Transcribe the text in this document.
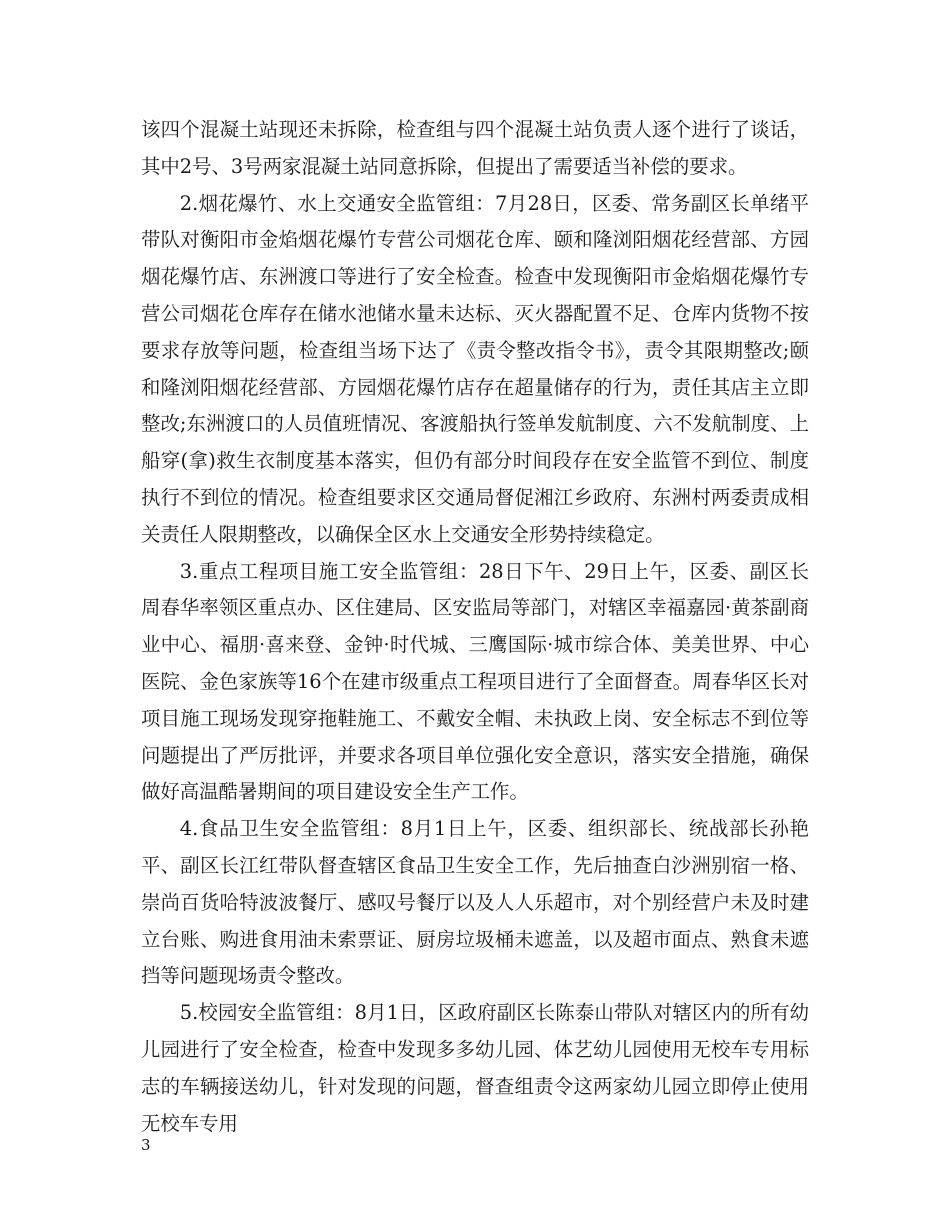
该四个混凝土站现还未拆除，检查组与四个混凝土站负责人逐个进行了谈话，其中2号、3号两家混凝土站同意拆除，但提出了需要适当补偿的要求。

2.烟花爆竹、水上交通安全监管组：7月28日，区委、常务副区长单绪平带队对衡阳市金焰烟花爆竹专营公司烟花仓库、颐和隆浏阳烟花经营部、方园烟花爆竹店、东洲渡口等进行了安全检查。检查中发现衡阳市金焰烟花爆竹专营公司烟花仓库存在储水池储水量未达标、灭火器配置不足、仓库内货物不按要求存放等问题，检查组当场下达了《责令整改指令书》，责令其限期整改;颐和隆浏阳烟花经营部、方园烟花爆竹店存在超量储存的行为，责任其店主立即整改;东洲渡口的人员值班情况、客渡船执行签单发航制度、六不发航制度、上船穿(拿)救生衣制度基本落实，但仍有部分时间段存在安全监管不到位、制度执行不到位的情况。检查组要求区交通局督促湘江乡政府、东洲村两委责成相关责任人限期整改，以确保全区水上交通安全形势持续稳定。

3.重点工程项目施工安全监管组：28日下午、29日上午，区委、副区长周春华率领区重点办、区住建局、区安监局等部门，对辖区幸福嘉园·黄茶副商业中心、福朋·喜来登、金钟·时代城、三鹰国际·城市综合体、美美世界、中心医院、金色家族等16个在建市级重点工程项目进行了全面督查。周春华区长对项目施工现场发现穿拖鞋施工、不戴安全帽、未执政上岗、安全标志不到位等问题提出了严厉批评，并要求各项目单位强化安全意识，落实安全措施，确保做好高温酷暑期间的项目建设安全生产工作。

4.食品卫生安全监管组：8月1日上午，区委、组织部长、统战部长孙艳平、副区长江红带队督查辖区食品卫生安全工作，先后抽查白沙洲别宿一格、崇尚百货哈特波波餐厅、感叹号餐厅以及人人乐超市，对个别经营户未及时建立台账、购进食用油未索票证、厨房垃圾桶未遮盖，以及超市面点、熟食未遮挡等问题现场责令整改。

5.校园安全监管组：8月1日，区政府副区长陈泰山带队对辖区内的所有幼儿园进行了安全检查，检查中发现多多幼儿园、体艺幼儿园使用无校车专用标志的车辆接送幼儿，针对发现的问题，督查组责令这两家幼儿园立即停止使用无校车专用

3
